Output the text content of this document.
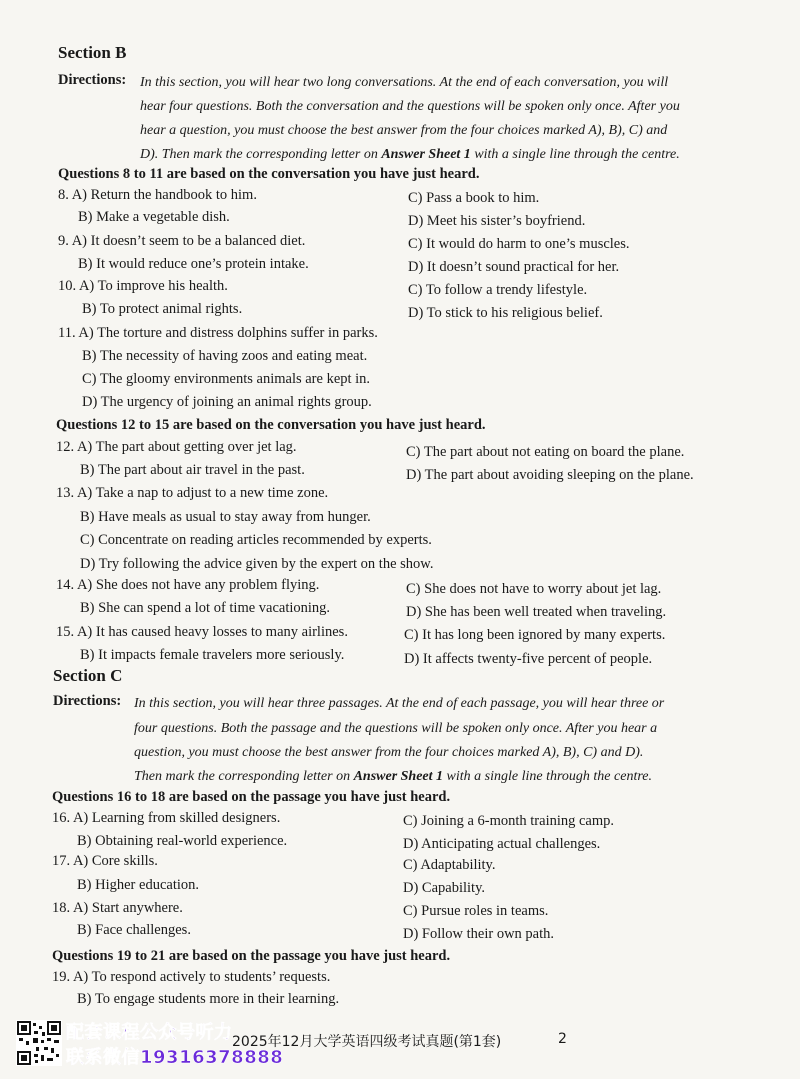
Section B
Directions: In this section, you will hear two long conversations. At the end of each conversation, you will
hear four questions. Both the conversation and the questions will be spoken only once. After you
hear a question, you must choose the best answer from the four choices marked A), B), C) and
D). Then mark the corresponding letter on Answer Sheet 1 with a single line through the centre.
Questions 8 to 11 are based on the conversation you have just heard.
8. A) Return the handbook to him.	C) Pass a book to him.
B) Make a vegetable dish.	D) Meet his sister’s boyfriend.
9. A) It doesn’t seem to be a balanced diet.	C) It would do harm to one’s muscles.
B) It would reduce one’s protein intake.	D) It doesn’t sound practical for her.
10. A) To improve his health.	C) To follow a trendy lifestyle.
B) To protect animal rights.	D) To stick to his religious belief.
11. A) The torture and distress dolphins suffer in parks.
B) The necessity of having zoos and eating meat.
C) The gloomy environments animals are kept in.
D) The urgency of joining an animal rights group.
Questions 12 to 15 are based on the conversation you have just heard.
12. A) The part about getting over jet lag.	C) The part about not eating on board the plane.
B) The part about air travel in the past.	D) The part about avoiding sleeping on the plane.
13. A) Take a nap to adjust to a new time zone.
B) Have meals as usual to stay away from hunger.
C) Concentrate on reading articles recommended by experts.
D) Try following the advice given by the expert on the show.
14. A) She does not have any problem flying.	C) She does not have to worry about jet lag.
B) She can spend a lot of time vacationing.	D) She has been well treated when traveling.
15. A) It has caused heavy losses to many airlines.	C) It has long been ignored by many experts.
B) It impacts female travelers more seriously.	D) It affects twenty-five percent of people.
Section C
Directions: In this section, you will hear three passages. At the end of each passage, you will hear three or
four questions. Both the passage and the questions will be spoken only once. After you hear a
question, you must choose the best answer from the four choices marked A), B), C) and D).
Then mark the corresponding letter on Answer Sheet 1 with a single line through the centre.
Questions 16 to 18 are based on the passage you have just heard.
16. A) Learning from skilled designers.	C) Joining a 6-month training camp.
B) Obtaining real-world experience.	D) Anticipating actual challenges.
17. A) Core skills.	C) Adaptability.
B) Higher education.	D) Capability.
18. A) Start anywhere.	C) Pursue roles in teams.
B) Face challenges.	D) Follow their own path.
Questions 19 to 21 are based on the passage you have just heard.
19. A) To respond actively to students’ requests.
B) To engage students more in their learning.
2025年12月大学英语四级考试真题(第1套)	2
配套课程公众号听力
联系微信19316378888
